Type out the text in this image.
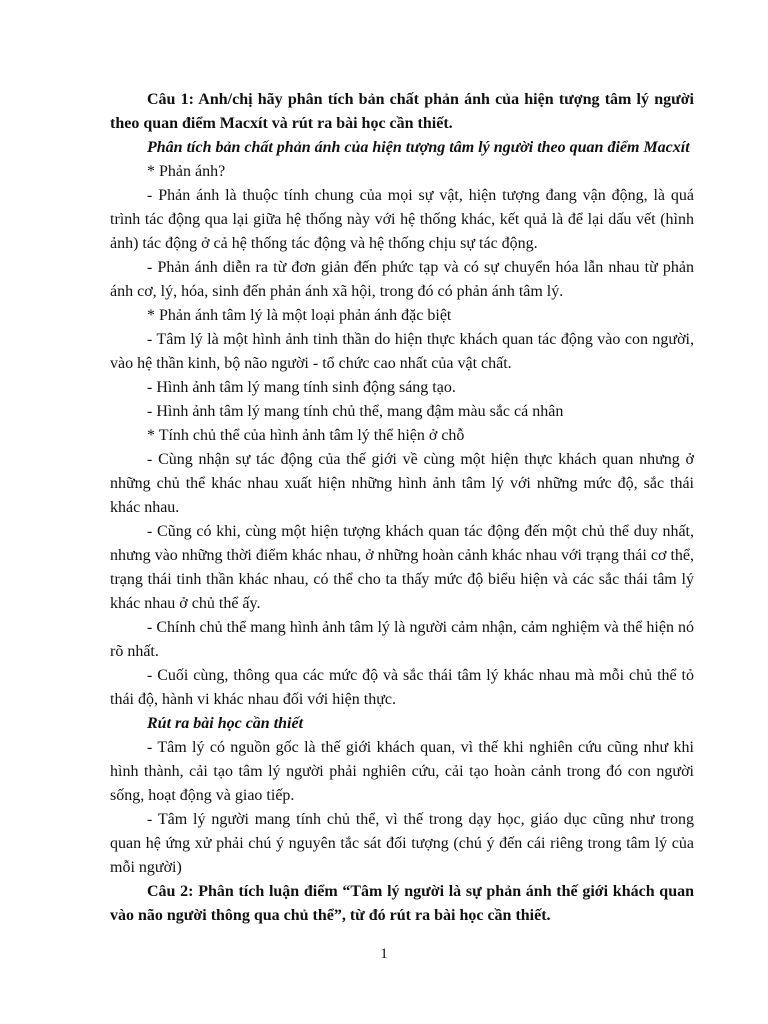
Câu 1: Anh/chị hãy phân tích bản chất phản ánh của hiện tượng tâm lý người theo quan điểm Macxít và rút ra bài học cần thiết.

Phân tích bản chất phản ánh của hiện tượng tâm lý người theo quan điểm Macxít

* Phản ánh?

- Phản ánh là thuộc tính chung của mọi sự vật, hiện tượng đang vận động, là quá trình tác động qua lại giữa hệ thống này với hệ thống khác, kết quả là để lại dấu vết (hình ảnh) tác động ở cả hệ thống tác động và hệ thống chịu sự tác động.

- Phản ánh diễn ra từ đơn giản đến phức tạp và có sự chuyển hóa lẫn nhau từ phản ánh cơ, lý, hóa, sinh đến phản ánh xã hội, trong đó có phản ánh tâm lý.

* Phản ánh tâm lý là một loại phản ánh đặc biệt

- Tâm lý là một hình ảnh tinh thần do hiện thực khách quan tác động vào con người, vào hệ thần kinh, bộ não người - tổ chức cao nhất của vật chất.

- Hình ảnh tâm lý mang tính sinh động sáng tạo.

- Hình ảnh tâm lý mang tính chủ thể, mang đậm màu sắc cá nhân

* Tính chủ thể của hình ảnh tâm lý thể hiện ở chỗ

- Cùng nhận sự tác động của thế giới về cùng một hiện thực khách quan nhưng ở những chủ thể khác nhau xuất hiện những hình ảnh tâm lý với những mức độ, sắc thái khác nhau.

- Cũng có khi, cùng một hiện tượng khách quan tác động đến một chủ thể duy nhất, nhưng vào những thời điểm khác nhau, ở những hoàn cảnh khác nhau với trạng thái cơ thể, trạng thái tinh thần khác nhau, có thể cho ta thấy mức độ biểu hiện và các sắc thái tâm lý khác nhau ở chủ thể ấy.

- Chính chủ thể mang hình ảnh tâm lý là người cảm nhận, cảm nghiệm và thể hiện nó rõ nhất.

- Cuối cùng, thông qua các mức độ và sắc thái tâm lý khác nhau mà mỗi chủ thể tỏ thái độ, hành vi khác nhau đối với hiện thực.

Rút ra bài học cần thiết

- Tâm lý có nguồn gốc là thế giới khách quan, vì thế khi nghiên cứu cũng như khi hình thành, cải tạo tâm lý người phải nghiên cứu, cải tạo hoàn cảnh trong đó con người sống, hoạt động và giao tiếp.

- Tâm lý người mang tính chủ thể, vì thế trong dạy học, giáo dục cũng như trong quan hệ ứng xử phải chú ý nguyên tắc sát đối tượng (chú ý đến cái riêng trong tâm lý của mỗi người)

Câu 2: Phân tích luận điểm “Tâm lý người là sự phản ánh thế giới khách quan vào não người thông qua chủ thể”, từ đó rút ra bài học cần thiết.

1
